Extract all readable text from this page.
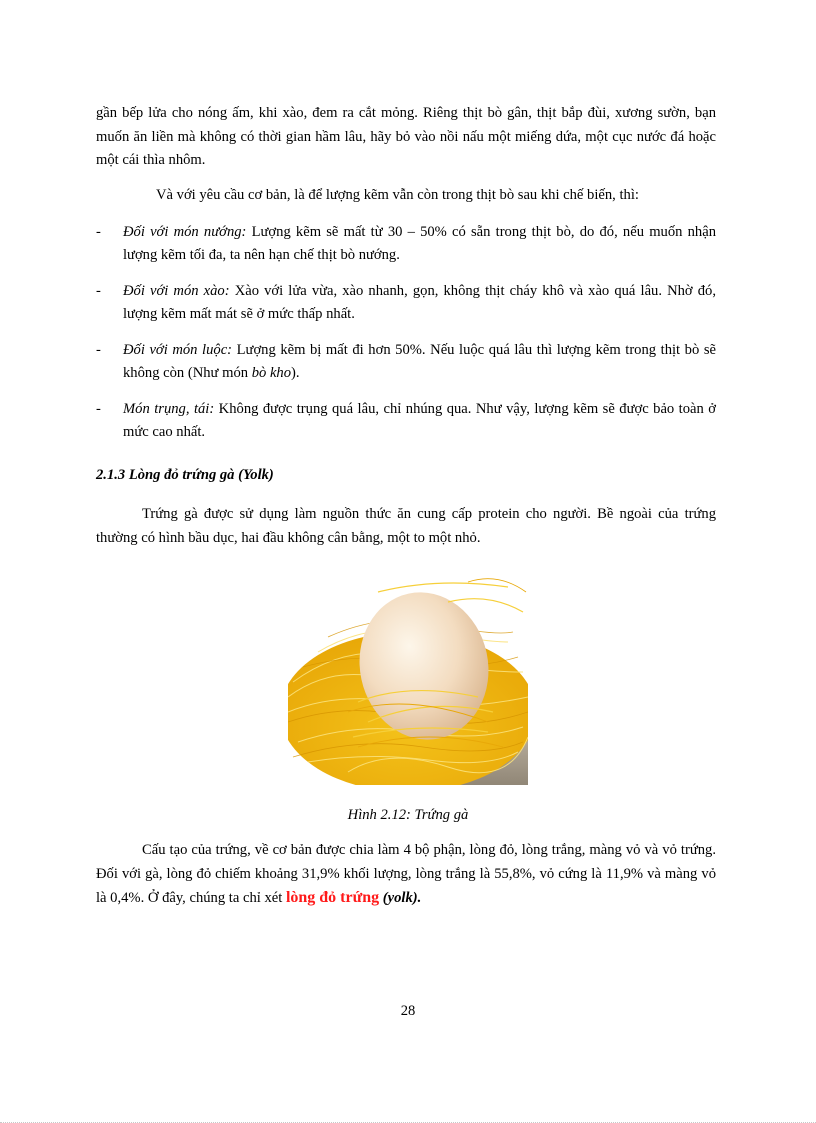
gần bếp lửa cho nóng ấm, khi xào, đem ra cắt mỏng. Riêng thịt bò gân, thịt bắp đùi, xương sườn, bạn muốn ăn liền mà không có thời gian hầm lâu, hãy bỏ vào nồi nấu một miếng dứa, một cục nước đá hoặc một cái thìa nhôm.

Và với yêu cầu cơ bản, là để lượng kẽm vẫn còn trong thịt bò sau khi chế biến, thì:

- Đối với món nướng: Lượng kẽm sẽ mất từ 30 – 50% có sẵn trong thịt bò, do đó, nếu muốn nhận lượng kẽm tối đa, ta nên hạn chế thịt bò nướng.
- Đối với món xào: Xào với lửa vừa, xào nhanh, gọn, không thịt cháy khô và xào quá lâu. Nhờ đó, lượng kẽm mất mát sẽ ở mức thấp nhất.
- Đối với món luộc: Lượng kẽm bị mất đi hơn 50%. Nếu luộc quá lâu thì lượng kẽm trong thịt bò sẽ không còn (Như món bò kho).
- Món trụng, tái: Không được trụng quá lâu, chỉ nhúng qua. Như vậy, lượng kẽm sẽ được bảo toàn ở mức cao nhất.

2.1.3 Lòng đỏ trứng gà (Yolk)

Trứng gà được sử dụng làm nguồn thức ăn cung cấp protein cho người. Bề ngoài của trứng thường có hình bầu dục, hai đầu không cân bằng, một to một nhỏ.

Hình 2.12: Trứng gà

Cấu tạo của trứng, về cơ bản được chia làm 4 bộ phận, lòng đỏ, lòng trắng, màng vỏ và vỏ trứng. Đối với gà, lòng đỏ chiếm khoảng 31,9% khối lượng, lòng trắng là 55,8%, vỏ cứng là 11,9% và màng vỏ là 0,4%. Ở đây, chúng ta chỉ xét lòng đỏ trứng (yolk).

28
